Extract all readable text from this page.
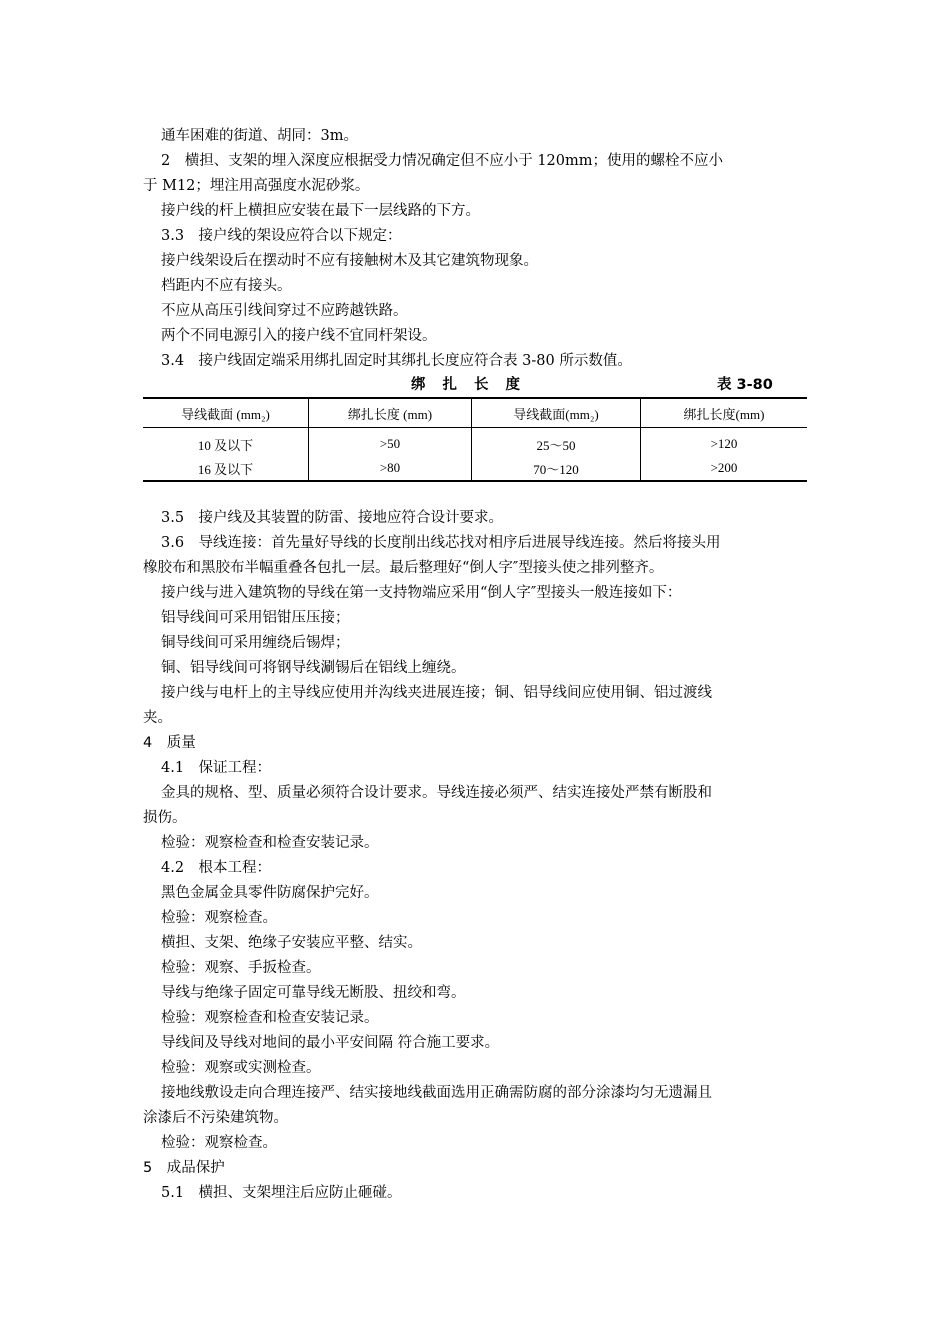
通车困难的街道、胡同：3m。
2　横担、支架的埋入深度应根据受力情况确定但不应小于 120mm；使用的螺栓不应小
于 M12；埋注用高强度水泥砂浆。
接户线的杆上横担应安装在最下一层线路的下方。
3.3　接户线的架设应符合以下规定：
接户线架设后在摆动时不应有接触树木及其它建筑物现象。
档距内不应有接头。
不应从高压引线间穿过不应跨越铁路。
两个不同电源引入的接户线不宜同杆架设。
3.4　接户线固定端采用绑扎固定时其绑扎长度应符合表 3-80 所示数值。
绑扎长度	表 3-80
导线截面 (mm₂)	绑扎长度 (mm)	导线截面(mm₂)	绑扎长度(mm)
10 及以下	>50	25～50	>120
16 及以下	>80	70～120	>200
3.5　接户线及其装置的防雷、接地应符合设计要求。
3.6　导线连接：首先量好导线的长度削出线芯找对相序后进展导线连接。然后将接头用
橡胶布和黑胶布半幅重叠各包扎一层。最后整理好“倒人字″型接头使之排列整齐。
接户线与进入建筑物的导线在第一支持物端应采用“倒人字″型接头一般连接如下：
铝导线间可采用铝钳压压接；
铜导线间可采用缠绕后锡焊；
铜、铝导线间可将钢导线涮锡后在铝线上缠绕。
接户线与电杆上的主导线应使用并沟线夹进展连接；铜、铝导线间应使用铜、铝过渡线
夹。
4　质量
4.1　保证工程：
金具的规格、型、质量必须符合设计要求。导线连接必须严、结实连接处严禁有断股和
损伤。
检验：观察检查和检查安装记录。
4.2　根本工程：
黑色金属金具零件防腐保护完好。
检验：观察检查。
横担、支架、绝缘子安装应平整、结实。
检验：观察、手扳检查。
导线与绝缘子固定可靠导线无断股、扭绞和弯。
检验：观察检查和检查安装记录。
导线间及导线对地间的最小平安间隔 符合施工要求。
检验：观察或实测检查。
接地线敷设走向合理连接严、结实接地线截面选用正确需防腐的部分涂漆均匀无遗漏且
涂漆后不污染建筑物。
检验：观察检查。
5　成品保护
5.1　横担、支架埋注后应防止砸碰。
